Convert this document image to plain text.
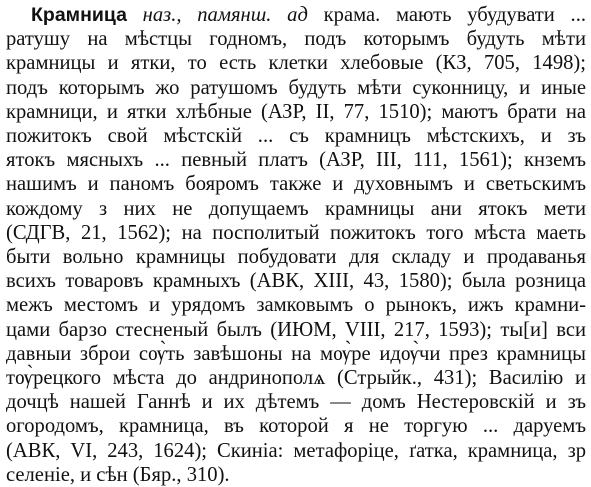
Крамница наз., памянш. ад крама. мають убудувати ...
ратушу на мѣстцы годномъ, подъ которымъ будуть мѣти
крамницы и ятки, то есть клетки хлебовые (КЗ, 705, 1498);
подъ которымъ жо ратушомъ будуть мѣти суконницу, и иные
крамници, и ятки хлѣбные (АЗР, II, 77, 1510); маютъ брати на
пожитокъ свой мѣстскій ... съ крамницъ мѣстскихъ, и зъ
ятокъ мясныхъ ... певный платъ (АЗР, III, 111, 1561); кнземъ
нашимъ и паномъ бояромъ также и духовнымъ и светьскимъ
кождому з них не допущаемъ крамницы ани ятокъ мети
(СДГВ, 21, 1562); на посполитый пожитокъ того мѣста маеть
быти вольно крамницы побудовати для складу и продаванья
всихъ товаровъ крамныхъ (АВК, XIII, 43, 1580); была розница
межъ местомъ и урядомъ замковымъ о рынокъ, ижъ крамни-
цами барзо стесненый былъ (ИЮМ, VIII, 217, 1593); ты[и] вси
давныи зброи сѹ̀ть завѣшоны на мѹ̀ре идѹ̀чи през крамницы
тѹ̀рецкого мѣста до андринополѧ (Стрыйк., 431); Василію и
дочцѣ нашей Ганнѣ и их дѣтемъ — домъ Нестеровскій и зъ
огородомъ, крамница, въ которой я не торгую ... даруемъ
(АВК, VI, 243, 1624); Скиніа: метафоріце, ґатка, крамница, зр
селеніе, и сѣн (Бяр., 310).
